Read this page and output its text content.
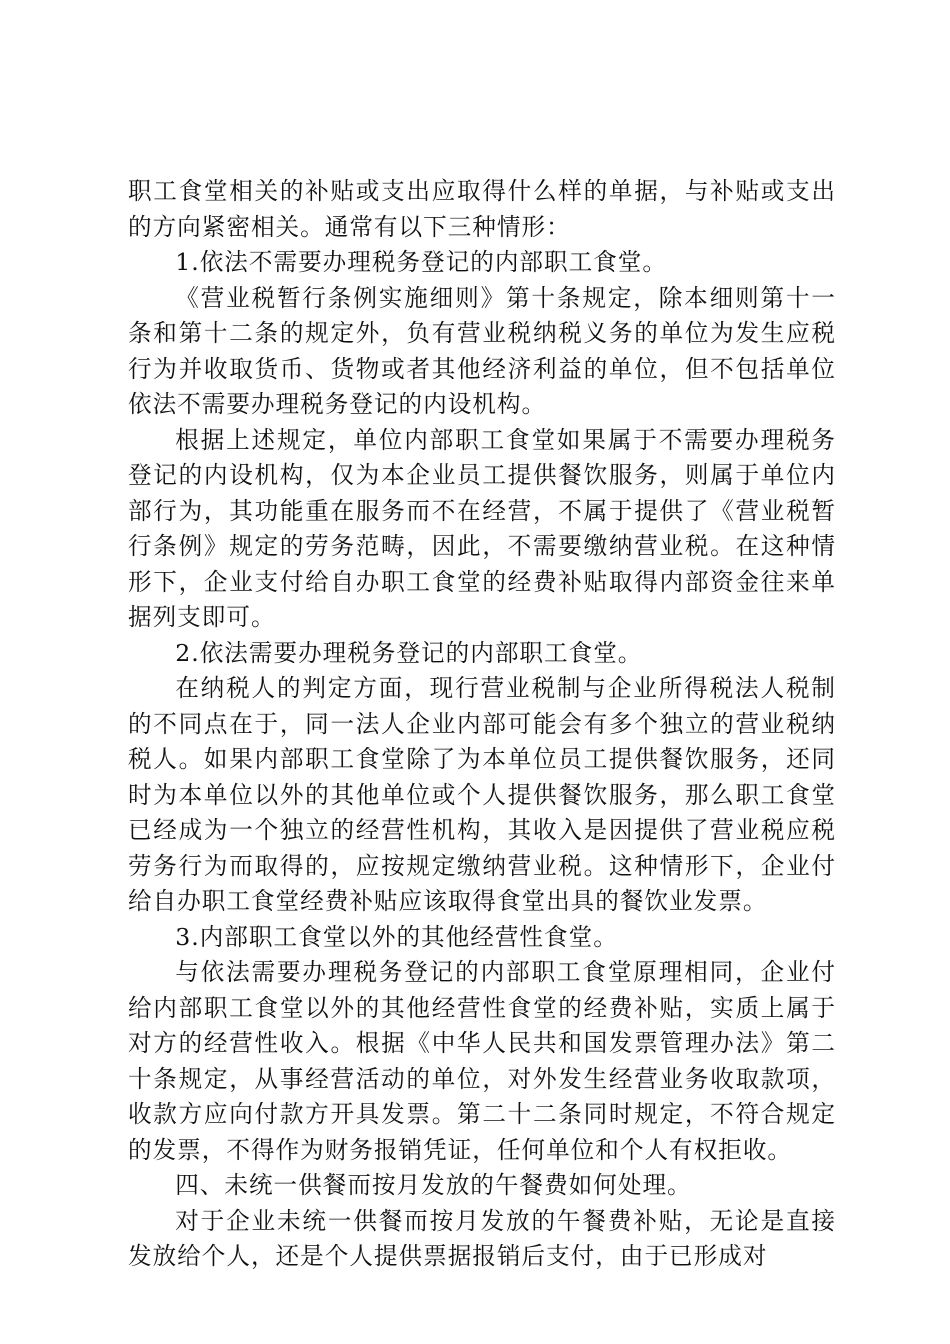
职工食堂相关的补贴或支出应取得什么样的单据，与补贴或支出的方向紧密相关。通常有以下三种情形：

1.依法不需要办理税务登记的内部职工食堂。

《营业税暂行条例实施细则》第十条规定，除本细则第十一条和第十二条的规定外，负有营业税纳税义务的单位为发生应税行为并收取货币、货物或者其他经济利益的单位，但不包括单位依法不需要办理税务登记的内设机构。

根据上述规定，单位内部职工食堂如果属于不需要办理税务登记的内设机构，仅为本企业员工提供餐饮服务，则属于单位内部行为，其功能重在服务而不在经营，不属于提供了《营业税暂行条例》规定的劳务范畴，因此，不需要缴纳营业税。在这种情形下，企业支付给自办职工食堂的经费补贴取得内部资金往来单据列支即可。

2.依法需要办理税务登记的内部职工食堂。

在纳税人的判定方面，现行营业税制与企业所得税法人税制的不同点在于，同一法人企业内部可能会有多个独立的营业税纳税人。如果内部职工食堂除了为本单位员工提供餐饮服务，还同时为本单位以外的其他单位或个人提供餐饮服务，那么职工食堂已经成为一个独立的经营性机构，其收入是因提供了营业税应税劳务行为而取得的，应按规定缴纳营业税。这种情形下，企业付给自办职工食堂经费补贴应该取得食堂出具的餐饮业发票。

3.内部职工食堂以外的其他经营性食堂。

与依法需要办理税务登记的内部职工食堂原理相同，企业付给内部职工食堂以外的其他经营性食堂的经费补贴，实质上属于对方的经营性收入。根据《中华人民共和国发票管理办法》第二十条规定，从事经营活动的单位，对外发生经营业务收取款项，收款方应向付款方开具发票。第二十二条同时规定，不符合规定的发票，不得作为财务报销凭证，任何单位和个人有权拒收。

四、未统一供餐而按月发放的午餐费如何处理。

对于企业未统一供餐而按月发放的午餐费补贴，无论是直接发放给个人，还是个人提供票据报销后支付，由于已形成对
